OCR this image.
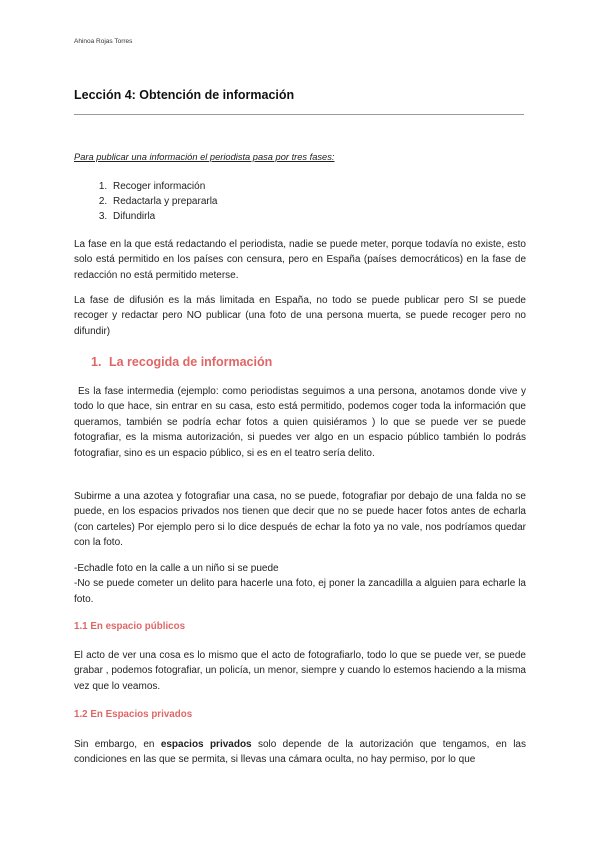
Ahinoa Rojas Torres
Lección 4: Obtención de información
Para publicar una información el periodista pasa por tres fases:
1. Recoger información
2. Redactarla y prepararla
3. Difundirla
La fase en la que está redactando el periodista, nadie se puede meter, porque todavía no existe, esto solo está permitido en los países con censura, pero en España (países democráticos) en la fase de redacción no está permitido meterse.
La fase de difusión es la más limitada en España, no todo se puede publicar pero SI se puede recoger y redactar pero NO publicar (una foto de una persona muerta, se puede recoger pero no difundir)
1. La recogida de información
Es la fase intermedia (ejemplo: como periodistas seguimos a una persona, anotamos donde vive y todo lo que hace, sin entrar en su casa, esto está permitido, podemos coger toda la información que queramos, también se podría echar fotos a quien quisiéramos ) lo que se puede ver se puede fotografiar, es la misma autorización, si puedes ver algo en un espacio público también lo podrás fotografiar, sino es un espacio público, si es en el teatro sería delito.
Subirme a una azotea y fotografiar una casa, no se puede, fotografiar por debajo de una falda no se puede, en los espacios privados nos tienen que decir que no se puede hacer fotos antes de echarla (con carteles) Por ejemplo pero si lo dice después de echar la foto ya no vale, nos podríamos quedar con la foto.
-Echadle foto en la calle a un niño si se puede
-No se puede cometer un delito para hacerle una foto, ej poner la zancadilla a alguien para echarle la foto.
1.1 En espacio públicos
El acto de ver una cosa es lo mismo que el acto de fotografiarlo, todo lo que se puede ver, se puede grabar , podemos fotografiar, un policía, un menor, siempre y cuando lo estemos haciendo a la misma vez que lo veamos.
1.2 En Espacios privados
Sin embargo, en espacios privados solo depende de la autorización que tengamos, en las condiciones en las que se permita, si llevas una cámara oculta, no hay permiso, por lo que
